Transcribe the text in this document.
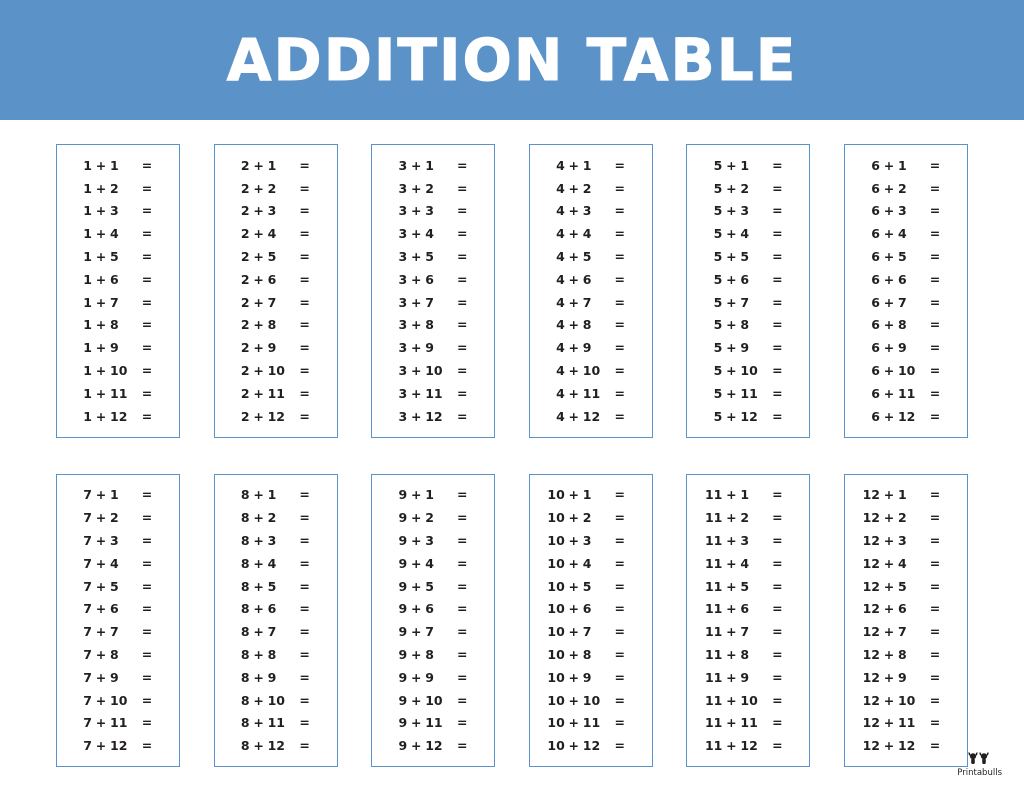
ADDITION TABLE
1 + 1	=
1 + 2	=
1 + 3	=
1 + 4	=
1 + 5	=
1 + 6	=
1 + 7	=
1 + 8	=
1 + 9	=
1 + 10	=
1 + 11	=
1 + 12	=
2 + 1	=
2 + 2	=
2 + 3	=
2 + 4	=
2 + 5	=
2 + 6	=
2 + 7	=
2 + 8	=
2 + 9	=
2 + 10	=
2 + 11	=
2 + 12	=
3 + 1	=
3 + 2	=
3 + 3	=
3 + 4	=
3 + 5	=
3 + 6	=
3 + 7	=
3 + 8	=
3 + 9	=
3 + 10	=
3 + 11	=
3 + 12	=
4 + 1	=
4 + 2	=
4 + 3	=
4 + 4	=
4 + 5	=
4 + 6	=
4 + 7	=
4 + 8	=
4 + 9	=
4 + 10	=
4 + 11	=
4 + 12	=
5 + 1	=
5 + 2	=
5 + 3	=
5 + 4	=
5 + 5	=
5 + 6	=
5 + 7	=
5 + 8	=
5 + 9	=
5 + 10	=
5 + 11	=
5 + 12	=
6 + 1	=
6 + 2	=
6 + 3	=
6 + 4	=
6 + 5	=
6 + 6	=
6 + 7	=
6 + 8	=
6 + 9	=
6 + 10	=
6 + 11	=
6 + 12	=
7 + 1	=
7 + 2	=
7 + 3	=
7 + 4	=
7 + 5	=
7 + 6	=
7 + 7	=
7 + 8	=
7 + 9	=
7 + 10	=
7 + 11	=
7 + 12	=
8 + 1	=
8 + 2	=
8 + 3	=
8 + 4	=
8 + 5	=
8 + 6	=
8 + 7	=
8 + 8	=
8 + 9	=
8 + 10	=
8 + 11	=
8 + 12	=
9 + 1	=
9 + 2	=
9 + 3	=
9 + 4	=
9 + 5	=
9 + 6	=
9 + 7	=
9 + 8	=
9 + 9	=
9 + 10	=
9 + 11	=
9 + 12	=
10 + 1	=
10 + 2	=
10 + 3	=
10 + 4	=
10 + 5	=
10 + 6	=
10 + 7	=
10 + 8	=
10 + 9	=
10 + 10	=
10 + 11	=
10 + 12	=
11 + 1	=
11 + 2	=
11 + 3	=
11 + 4	=
11 + 5	=
11 + 6	=
11 + 7	=
11 + 8	=
11 + 9	=
11 + 10	=
11 + 11	=
11 + 12	=
12 + 1	=
12 + 2	=
12 + 3	=
12 + 4	=
12 + 5	=
12 + 6	=
12 + 7	=
12 + 8	=
12 + 9	=
12 + 10	=
12 + 11	=
12 + 12	=
Printabulls
